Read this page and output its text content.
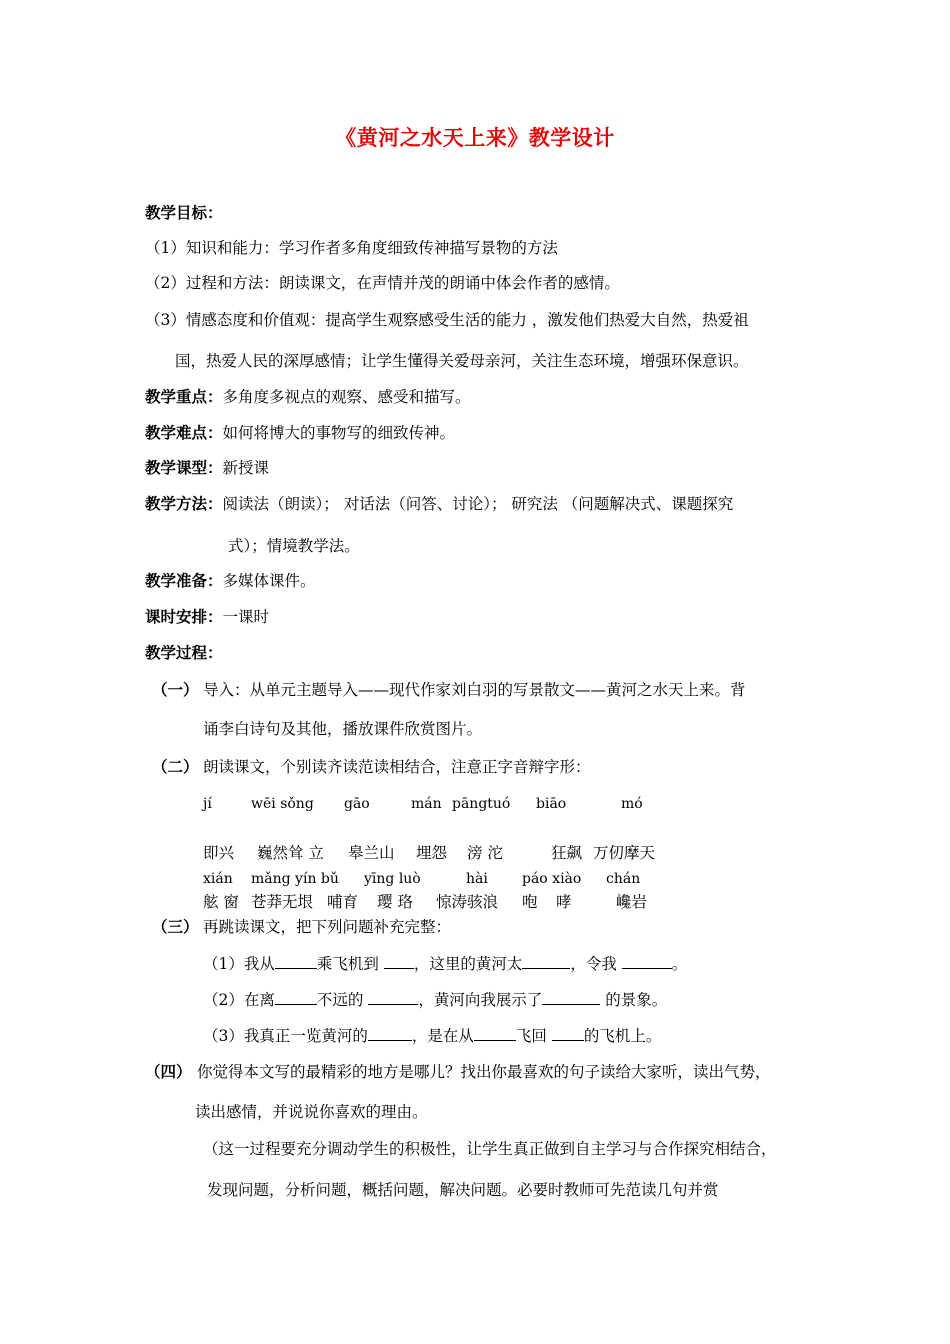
《黄河之水天上来》教学设计
教学目标：
（1）知识和能力：学习作者多角度细致传神描写景物的方法
（2）过程和方法：朗读课文，在声情并茂的朗诵中体会作者的感情。
（3）情感态度和价值观：提高学生观察感受生活的能力 ，激发他们热爱大自然，热爱祖
国，热爱人民的深厚感情；让学生懂得关爱母亲河，关注生态环境，增强环保意识。
教学重点：多角度多视点的观察、感受和描写。
教学难点：如何将博大的事物写的细致传神。
教学课型：新授课
教学方法：阅读法（朗读）； 对话法（问答、讨论）； 研究法 （问题解决式、课题探究
式）；情境教学法。
教学准备：多媒体课件。
课时安排：一课时
教学过程：
（一） 导入：从单元主题导入——现代作家刘白羽的写景散文——黄河之水天上来。背
诵李白诗句及其他，播放课件欣赏图片。
（二） 朗读课文，个别读齐读范读相结合，注意正字音辩字形：
jí	wēi sǒng gāo	mán pāngtuó biāo	mó
即兴 巍然耸 立 皋兰山 埋怨 滂 沱	狂飙 万仞摩天
xián mǎng yín bǔ yīng luò	hài páo xiào chán
舷 窗 苍莽无垠 哺育 璎 珞 惊涛骇浪 咆 哮	巉岩
（三） 再跳读课文，把下列问题补充完整：
（1）我从	乘飞机到 ，这里的黄河太	，令我	。
（2）在离	不远的	，黄河向我展示了	的景象。
（3）我真正一览黄河的	，是在从	飞回 的飞机上。
（四） 你觉得本文写的最精彩的地方是哪儿？找出你最喜欢的句子读给大家听，读出气势，
读出感情，并说说你喜欢的理由。
（这一过程要充分调动学生的积极性，让学生真正做到自主学习与合作探究相结合，
发现问题，分析问题，概括问题，解决问题。必要时教师可先范读几句并赏
